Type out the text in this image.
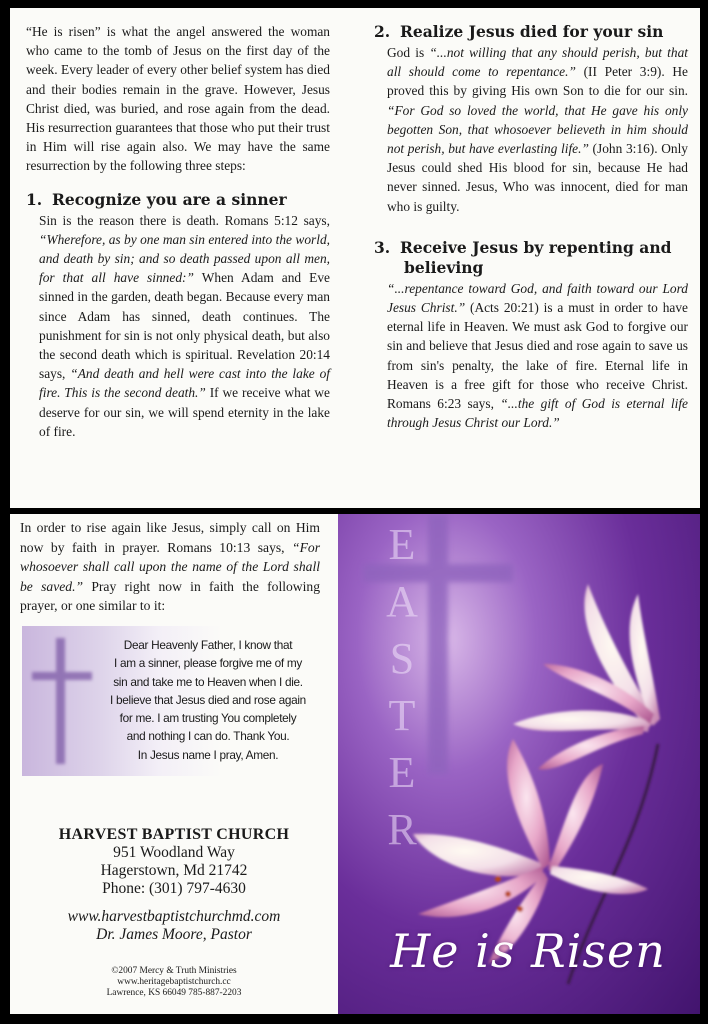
“He is risen” is what the angel answered the woman who came to the tomb of Jesus on the first day of the week. Every leader of every other belief system has died and their bodies remain in the grave. However, Jesus Christ died, was buried, and rose again from the dead. His resurrection guarantees that those who put their trust in Him will rise again also. We may have the same resurrection by the following three steps:

1. Recognize you are a sinner

Sin is the reason there is death. Romans 5:12 says, “Wherefore, as by one man sin entered into the world, and death by sin; and so death passed upon all men, for that all have sinned:” When Adam and Eve sinned in the garden, death began. Because every man since Adam has sinned, death continues. The punishment for sin is not only physical death, but also the second death which is spiritual. Revelation 20:14 says, “And death and hell were cast into the lake of fire. This is the second death.” If we receive what we deserve for our sin, we will spend eternity in the lake of fire.

2. Realize Jesus died for your sin

God is “...not willing that any should perish, but that all should come to repentance.” (II Peter 3:9). He proved this by giving His own Son to die for our sin. “For God so loved the world, that He gave his only begotten Son, that whosoever believeth in him should not perish, but have everlasting life.” (John 3:16). Only Jesus could shed His blood for sin, because He had never sinned. Jesus, Who was innocent, died for man who is guilty.

3. Receive Jesus by repenting and
believing

“...repentance toward God, and faith toward our Lord Jesus Christ.” (Acts 20:21) is a must in order to have eternal life in Heaven. We must ask God to forgive our sin and believe that Jesus died and rose again to save us from sin's penalty, the lake of fire. Eternal life in Heaven is a free gift for those who receive Christ. Romans 6:23 says, “...the gift of God is eternal life through Jesus Christ our Lord.”

In order to rise again like Jesus, simply call on Him now by faith in prayer. Romans 10:13 says, “For whosoever shall call upon the name of the Lord shall be saved.” Pray right now in faith the following prayer, or one similar to it:

Dear Heavenly Father, I know that
I am a sinner, please forgive me of my
sin and take me to Heaven when I die.
I believe that Jesus died and rose again
for me. I am trusting You completely
and nothing I can do. Thank You.
In Jesus name I pray, Amen.
HARVEST BAPTIST CHURCH
951 Woodland Way
Hagerstown, Md 21742
Phone: (301) 797-4630
www.harvestbaptistchurchmd.com
Dr. James Moore, Pastor
©2007 Mercy & Truth Ministries
www.heritagebaptistchurch.cc
Lawrence, KS 66049 785-887-2203
E
A
S
T
E
R
He is Risen
